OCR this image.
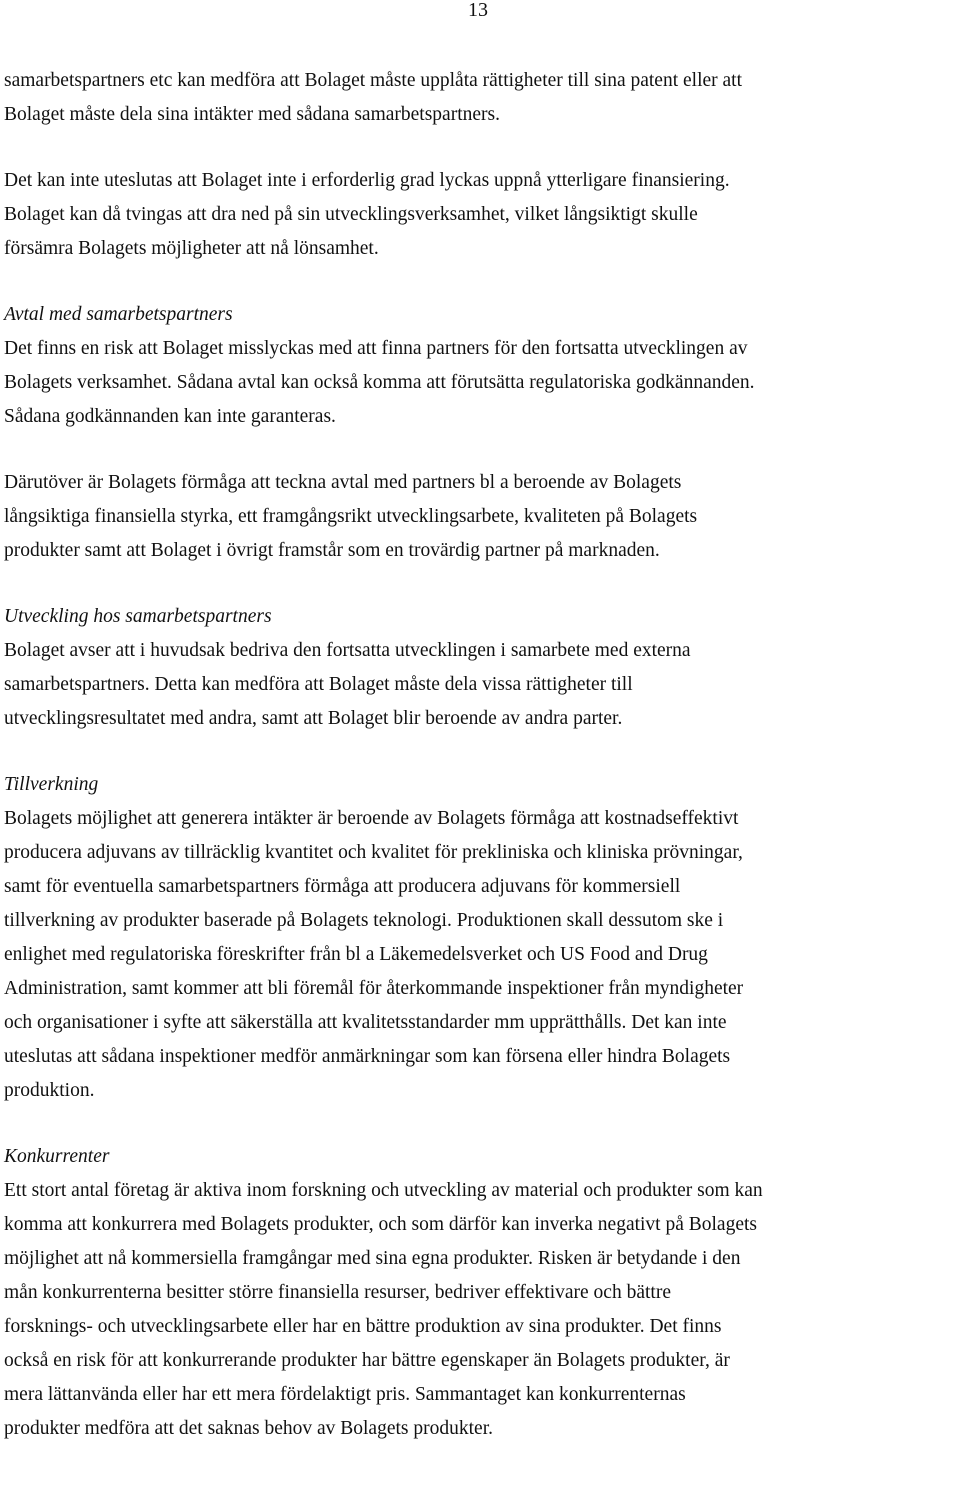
13
samarbetspartners etc kan medföra att Bolaget måste upplåta rättigheter till sina patent eller att
Bolaget måste dela sina intäkter med sådana samarbetspartners.
Det kan inte uteslutas att Bolaget inte i erforderlig grad lyckas uppnå ytterligare finansiering.
Bolaget kan då tvingas att dra ned på sin utvecklingsverksamhet, vilket långsiktigt skulle
försämra Bolagets möjligheter att nå lönsamhet.
Avtal med samarbetspartners
Det finns en risk att Bolaget misslyckas med att finna partners för den fortsatta utvecklingen av
Bolagets verksamhet. Sådana avtal kan också komma att förutsätta regulatoriska godkännanden.
Sådana godkännanden kan inte garanteras.
Därutöver är Bolagets förmåga att teckna avtal med partners bl a beroende av Bolagets
långsiktiga finansiella styrka, ett framgångsrikt utvecklingsarbete, kvaliteten på Bolagets
produkter samt att Bolaget i övrigt framstår som en trovärdig partner på marknaden.
Utveckling hos samarbetspartners
Bolaget avser att i huvudsak bedriva den fortsatta utvecklingen i samarbete med externa
samarbetspartners. Detta kan medföra att Bolaget måste dela vissa rättigheter till
utvecklingsresultatet med andra, samt att Bolaget blir beroende av andra parter.
Tillverkning
Bolagets möjlighet att generera intäkter är beroende av Bolagets förmåga att kostnadseffektivt
producera adjuvans av tillräcklig kvantitet och kvalitet för prekliniska och kliniska prövningar,
samt för eventuella samarbetspartners förmåga att producera adjuvans för kommersiell
tillverkning av produkter baserade på Bolagets teknologi. Produktionen skall dessutom ske i
enlighet med regulatoriska föreskrifter från bl a Läkemedelsverket och US Food and Drug
Administration, samt kommer att bli föremål för återkommande inspektioner från myndigheter
och organisationer i syfte att säkerställa att kvalitetsstandarder mm upprätthålls. Det kan inte
uteslutas att sådana inspektioner medför anmärkningar som kan försena eller hindra Bolagets
produktion.
Konkurrenter
Ett stort antal företag är aktiva inom forskning och utveckling av material och produkter som kan
komma att konkurrera med Bolagets produkter, och som därför kan inverka negativt på Bolagets
möjlighet att nå kommersiella framgångar med sina egna produkter. Risken är betydande i den
mån konkurrenterna besitter större finansiella resurser, bedriver effektivare och bättre
forsknings- och utvecklingsarbete eller har en bättre produktion av sina produkter. Det finns
också en risk för att konkurrerande produkter har bättre egenskaper än Bolagets produkter, är
mera lättanvända eller har ett mera fördelaktigt pris. Sammantaget kan konkurrenternas
produkter medföra att det saknas behov av Bolagets produkter.
